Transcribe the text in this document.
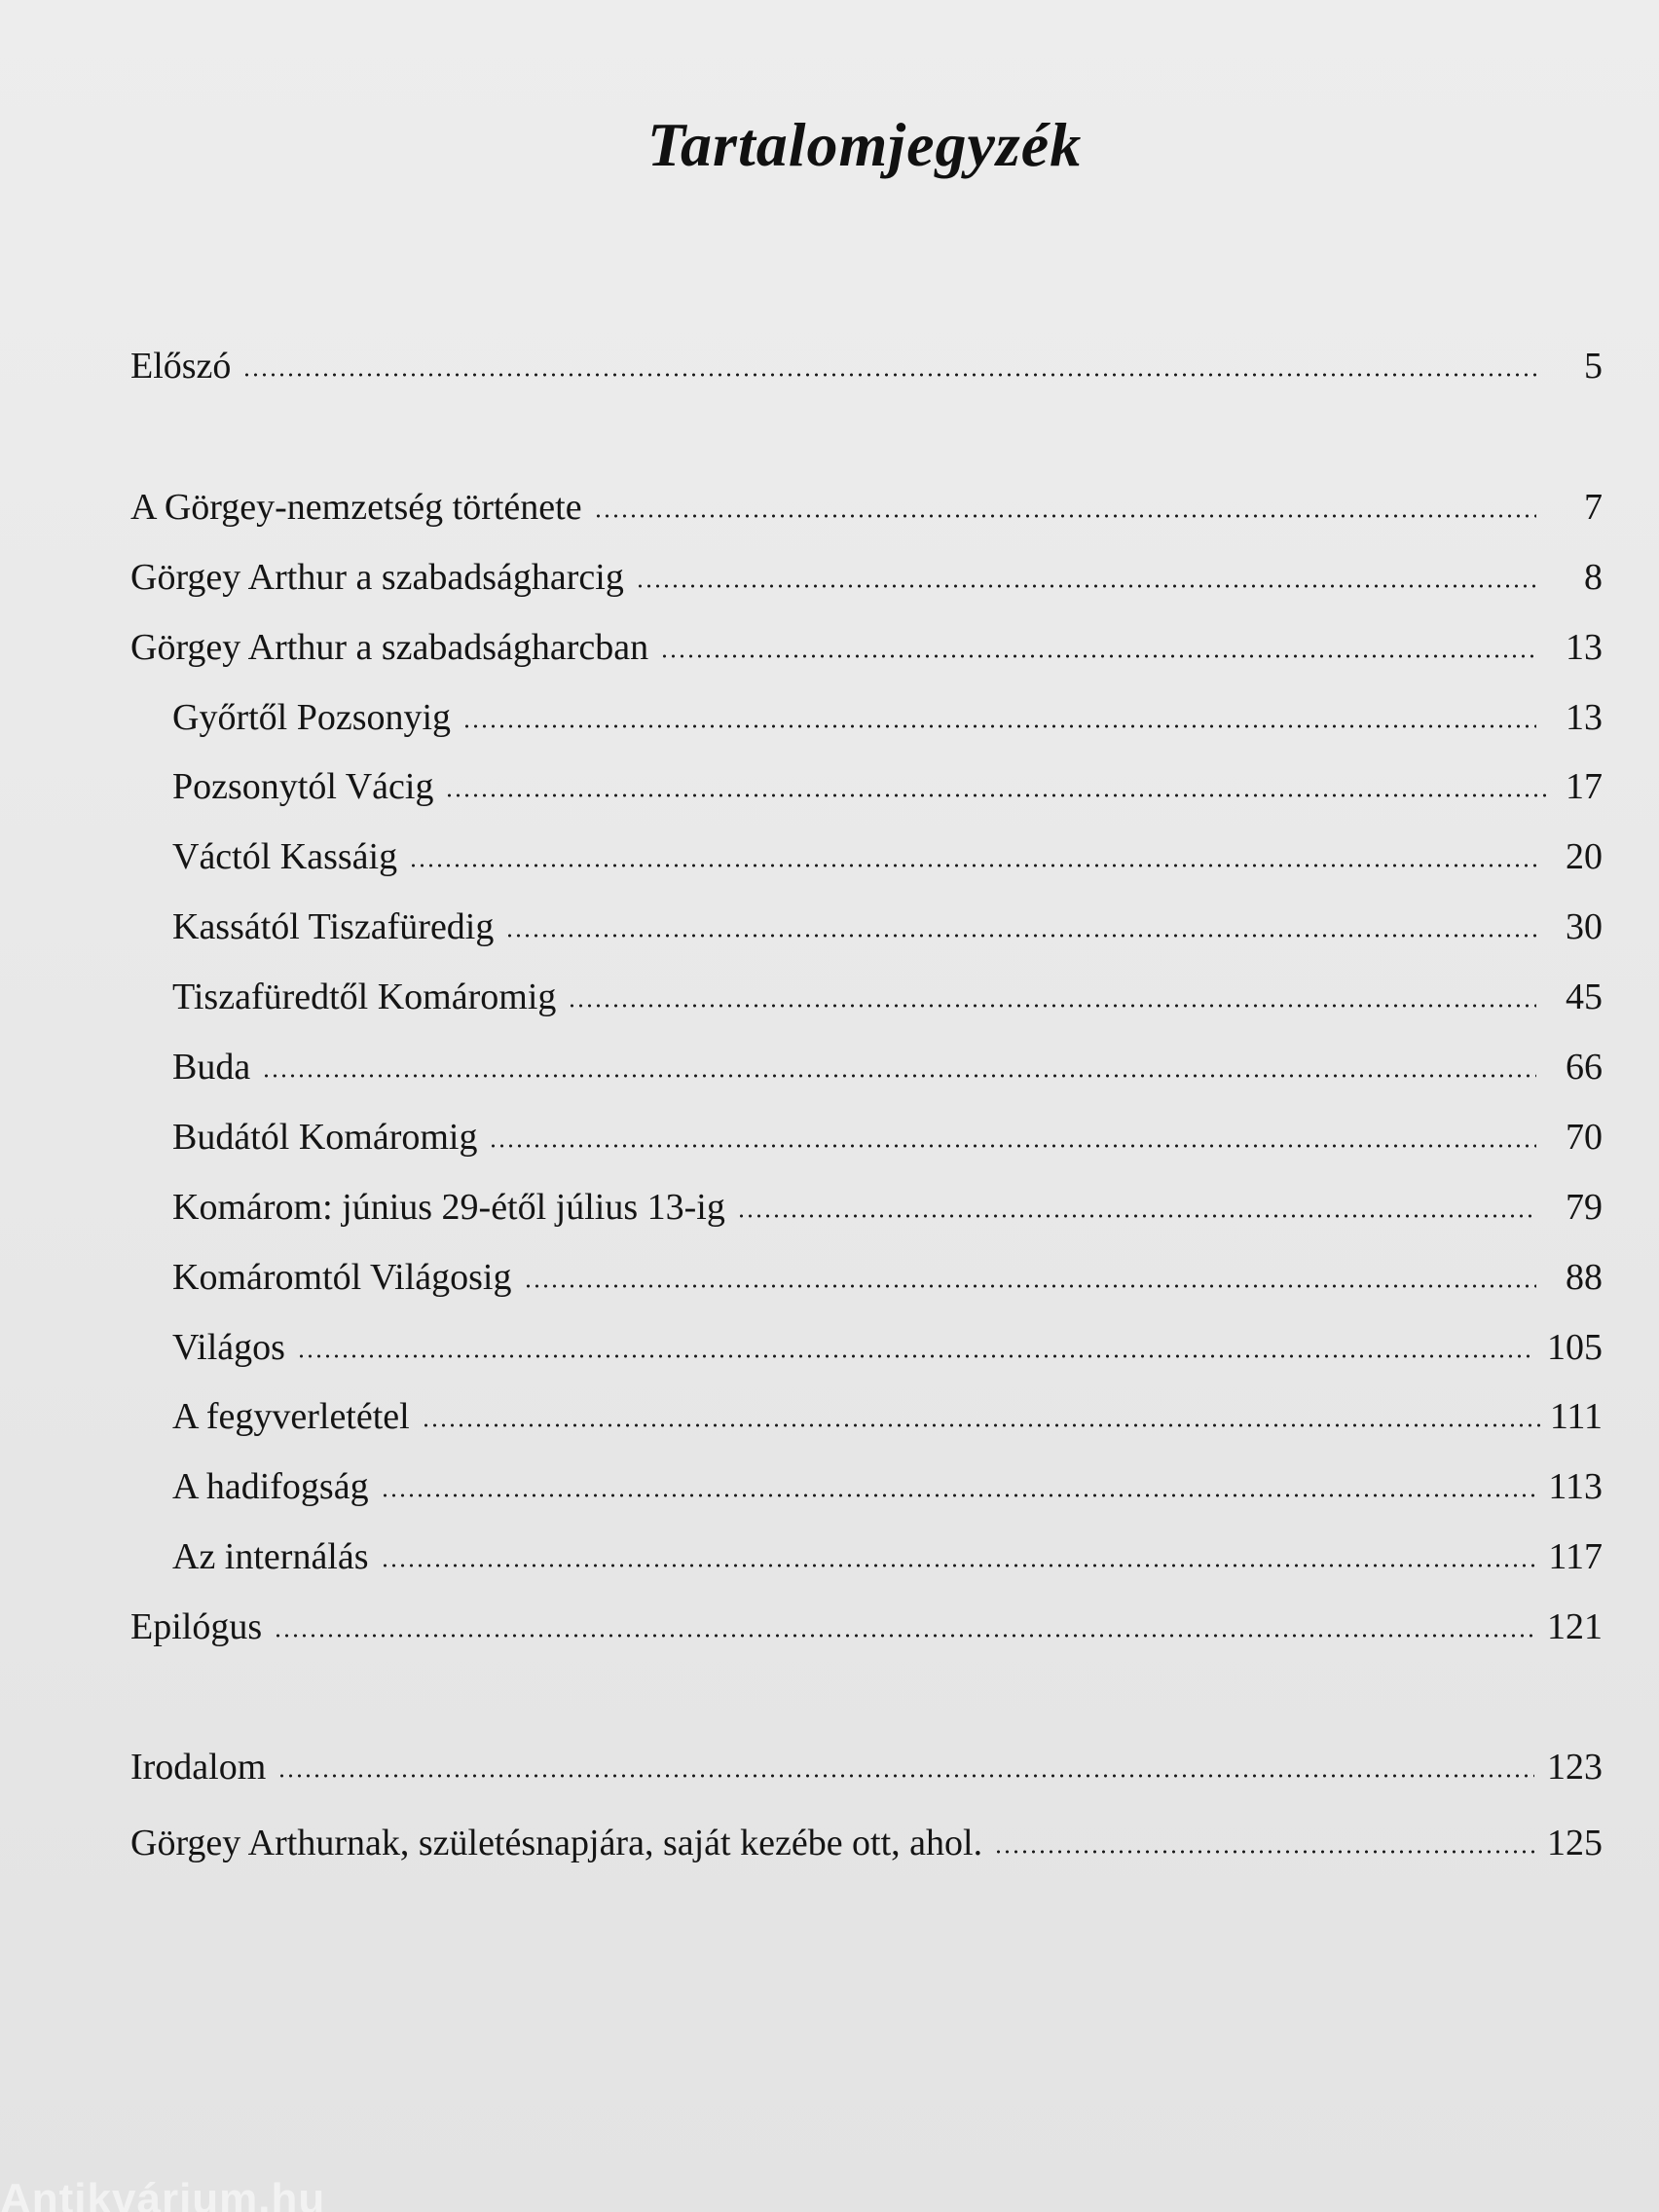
Tartalomjegyzék
Előszó	5
A Görgey-nemzetség története	7
Görgey Arthur a szabadságharcig	8
Görgey Arthur a szabadságharcban	13
Győrtől Pozsonyig	13
Pozsonytól Vácig	17
Váctól Kassáig	20
Kassától Tiszafüredig	30
Tiszafüredtől Komáromig	45
Buda	66
Budától Komáromig	70
Komárom: június 29-étől július 13-ig	79
Komáromtól Világosig	88
Világos	105
A fegyverletétel	111
A hadifogság	113
Az internálás	117
Epilógus	121
Irodalom	123
Görgey Arthurnak, születésnapjára, saját kezébe ott, ahol.	125
Antikvárium.hu
